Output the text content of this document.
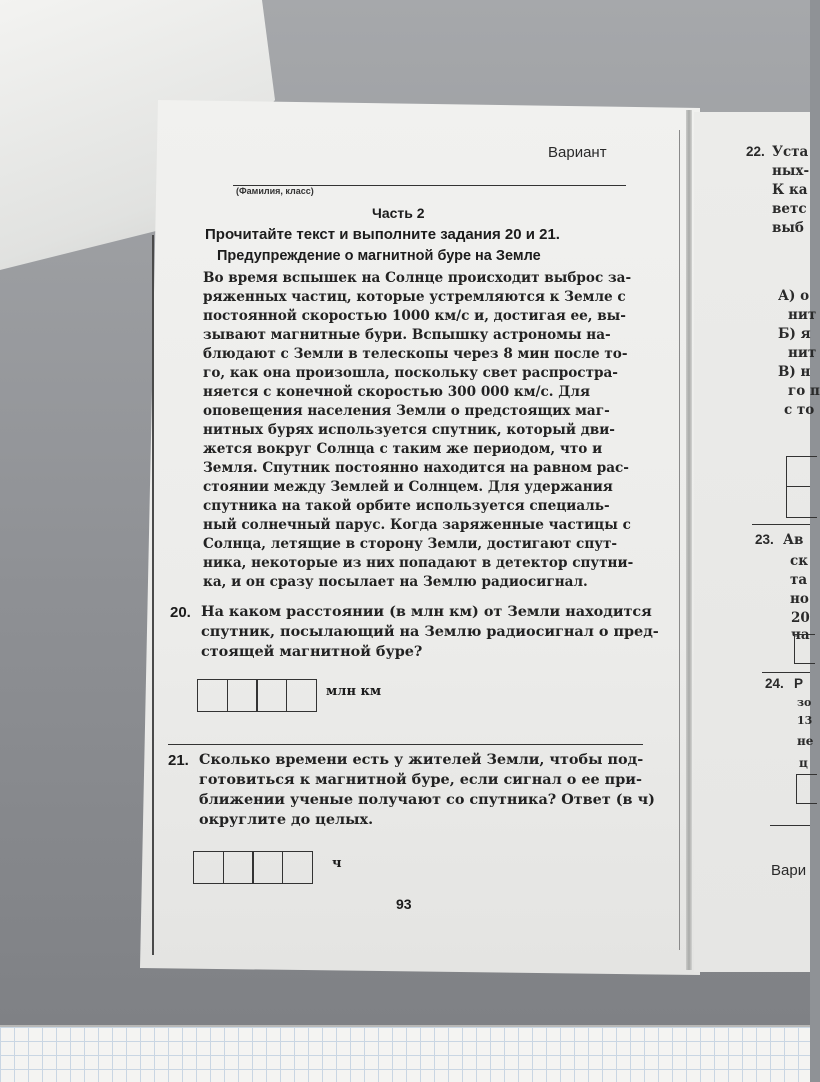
Вариант

(Фамилия, класс)

Часть 2

Прочитайте текст и выполните задания 20 и 21.

Предупреждение о магнитной буре на Земле

Во время вспышек на Солнце происходит выброс за-

ряженных частиц, которые устремляются к Земле с

постоянной скоростью 1000 км/с и, достигая ее, вы-

зывают магнитные бури. Вспышку астрономы на-

блюдают с Земли в телескопы через 8 мин после то-

го, как она произошла, поскольку свет распростра-

няется с конечной скоростью 300 000 км/с. Для

оповещения населения Земли о предстоящих маг-

нитных бурях используется спутник, который дви-

жется вокруг Солнца с таким же периодом, что и

Земля. Спутник постоянно находится на равном рас-

стоянии между Землей и Солнцем. Для удержания

спутника на такой орбите используется специаль-

ный солнечный парус. Когда заряженные частицы с

Солнца, летящие в сторону Земли, достигают спут-

ника, некоторые из них попадают в детектор спутни-

ка, и он сразу посылает на Землю радиосигнал.

20. На каком расстоянии (в млн км) от Земли находится

спутник, посылающий на Землю радиосигнал о пред-

стоящей магнитной буре?

млн км

21. Сколько времени есть у жителей Земли, чтобы под-

готовиться к магнитной буре, если сигнал о ее при-

ближении ученые получают со спутника? Ответ (в ч)

округлите до целых.

ч

93

22. Уста

ных-

К ка

ветс

выб

А) о

нит

Б) я

нит

В) н

го п

с то

23. Ав

ск

та

но

20

ча

24. Р

зо

13

не

ц

Вари
